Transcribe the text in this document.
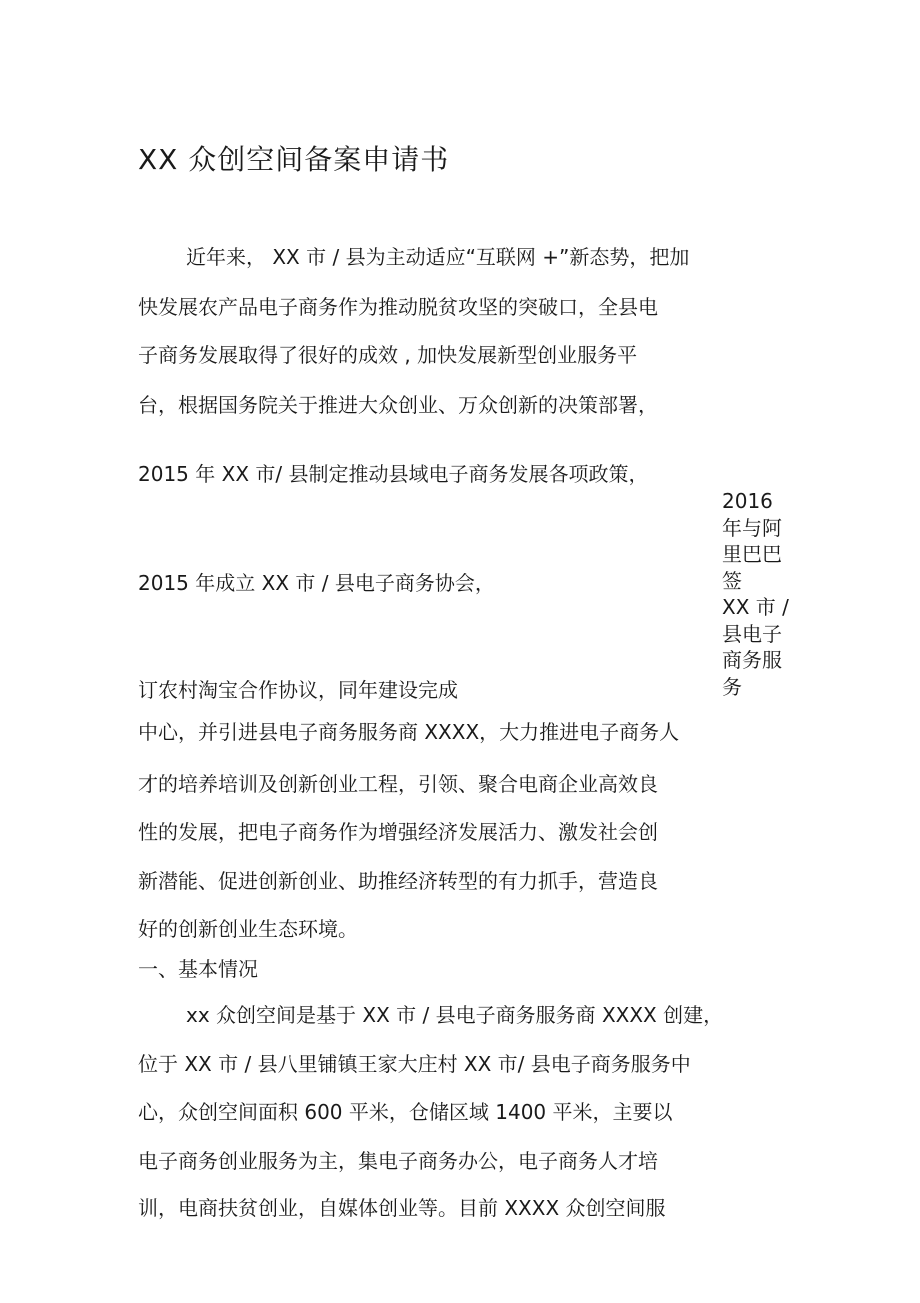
XX 众创空间备案申请书
近年来， XX 市 / 县为主动适应“互联网 +”新态势，把加
快发展农产品电子商务作为推动脱贫攻坚的突破口，全县电
子商务发展取得了很好的成效 , 加快发展新型创业服务平
台，根据国务院关于推进大众创业、万众创新的决策部署，
2015 年 XX 市/ 县制定推动县域电子商务发展各项政策，
2015 年成立 XX 市 / 县电子商务协会，
订农村淘宝合作协议，同年建设完成
2016
年与阿
里巴巴
签
XX 市 /
县电子
商务服
务
中心，并引进县电子商务服务商 XXXX，大力推进电子商务人
才的培养培训及创新创业工程，引领、聚合电商企业高效良
性的发展，把电子商务作为增强经济发展活力、激发社会创
新潜能、促进创新创业、助推经济转型的有力抓手，营造良
好的创新创业生态环境。
一、基本情况
xx 众创空间是基于 XX 市 / 县电子商务服务商 XXXX 创建，
位于 XX 市 / 县八里铺镇王家大庄村 XX 市/ 县电子商务服务中
心，众创空间面积 600 平米，仓储区域 1400 平米，主要以
电子商务创业服务为主，集电子商务办公，电子商务人才培
训，电商扶贫创业，自媒体创业等。目前 XXXX 众创空间服
